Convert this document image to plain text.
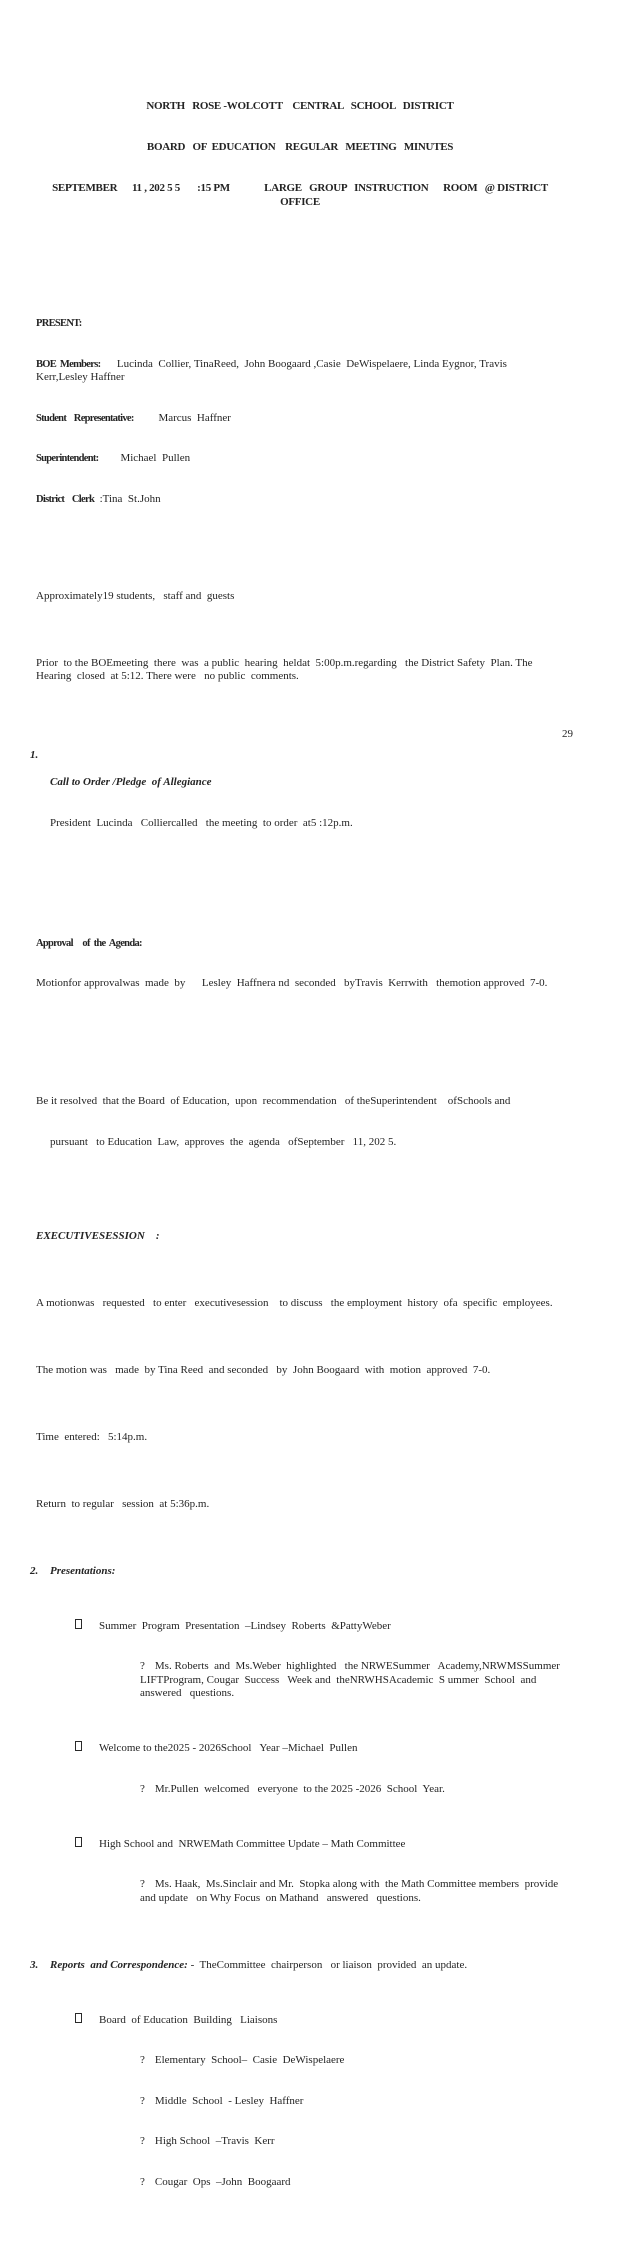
NORTH   ROSE -WOLCOTT    CENTRAL   SCHOOL   DISTRICT

BOARD   OF  EDUCATION    REGULAR   MEETING   MINUTES

SEPTEMBER      11 , 202 5 5       :15 PM              LARGE   GROUP   INSTRUCTION      ROOM   @ DISTRICT     OFFICE

PRESENT:

BOE  Members:      Lucinda  Collier, TinaReed,  John Boogaard ,Casie  DeWispelaere, Linda Eygnor, Travis  Kerr,Lesley Haffner

Student    Representative:         Marcus  Haffner

Superintendent:        Michael  Pullen

District    Clerk  :Tina  St.John

Approximately19 students,   staff and  guests

Prior  to the BOEmeeting  there  was  a public  hearing  heldat  5:00p.m.regarding   the District Safety  Plan. The Hearing  closed  at 5:12. There were   no public  comments.

1.

Call to Order /Pledge  of Allegiance

President  Lucinda   Colliercalled   the meeting  to order  at5 :12p.m.

Approval     of  the  Agenda:

Motionfor approvalwas  made  by      Lesley  Haffnera nd  seconded   byTravis  Kerrwith   themotion approved  7-0.

Be it resolved  that the Board  of Education,  upon  recommendation   of theSuperintendent    ofSchools and

pursuant   to Education  Law,  approves  the  agenda   ofSeptember   11, 202 5.

EXECUTIVESESSION    :

A motionwas   requested   to enter   executivesession    to discuss   the employment  history  ofa  specific  employees.

The motion was   made  by Tina Reed  and seconded   by  John Boogaard  with  motion  approved  7-0.

Time  entered:   5:14p.m.

Return  to regular   session  at 5:36p.m.

2.	Presentations:

Summer  Program  Presentation  –Lindsey  Roberts  &PattyWeber

? Ms. Roberts  and  Ms.Weber  highlighted   the NRWESummer   Academy,NRWMSSummer LIFTProgram, Cougar  Success   Week and  theNRWHSAcademic  S ummer  School  and answered   questions.

Welcome to the2025 - 2026School   Year –Michael  Pullen

? Mr.Pullen  welcomed   everyone  to the 2025 -2026  School  Year.

High School and  NRWEMath Committee Update – Math Committee

? Ms. Haak,  Ms.Sinclair and Mr.  Stopka along with  the Math Committee members  provide and update   on Why Focus  on Mathand   answered   questions.

3.	Reports  and Correspondence: -  TheCommittee  chairperson   or liaison  provided  an update.

Board  of Education  Building   Liaisons

? Elementary  School–  Casie  DeWispelaere

? Middle  School  - Lesley  Haffner

? High School  –Travis  Kerr

? Cougar  Ops  –John  Boogaard

29
